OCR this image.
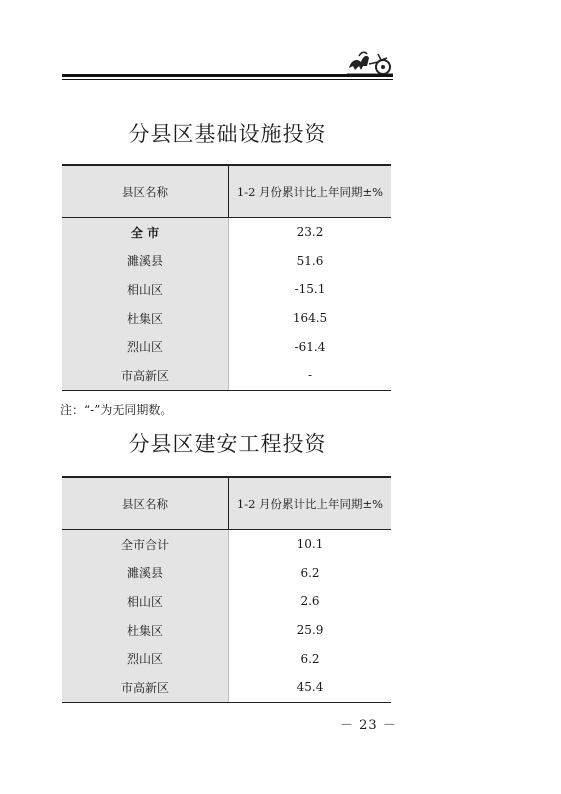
分县区基础设施投资
县区名称	1-2 月份累计比上年同期±%
全 市	23.2
濉溪县	51.6
相山区	-15.1
杜集区	164.5
烈山区	-61.4
市高新区	-
注：“-”为无同期数。
分县区建安工程投资
县区名称	1-2 月份累计比上年同期±%
全市合计	10.1
濉溪县	6.2
相山区	2.6
杜集区	25.9
烈山区	6.2
市高新区	45.4
－ 23 －
